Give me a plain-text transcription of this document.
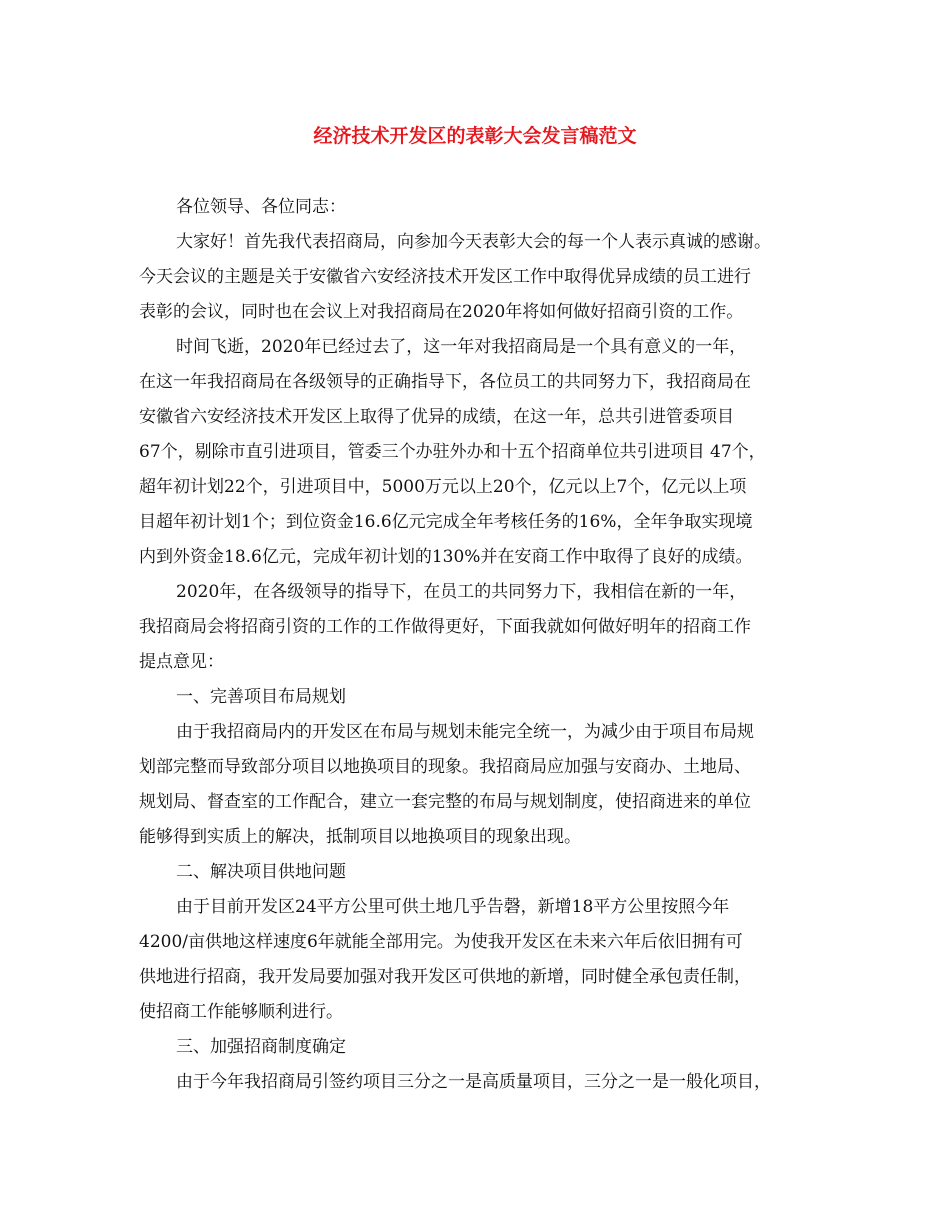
经济技术开发区的表彰大会发言稿范文

各位领导、各位同志：

大家好！首先我代表招商局，向参加今天表彰大会的每一个人表示真诚的感谢。

今天会议的主题是关于安徽省六安经济技术开发区工作中取得优异成绩的员工进行

表彰的会议，同时也在会议上对我招商局在2020年将如何做好招商引资的工作。

时间飞逝，2020年已经过去了，这一年对我招商局是一个具有意义的一年，

在这一年我招商局在各级领导的正确指导下，各位员工的共同努力下，我招商局在

安徽省六安经济技术开发区上取得了优异的成绩，在这一年，总共引进管委项目

67个，剔除市直引进项目，管委三个办驻外办和十五个招商单位共引进项目 47个，

超年初计划22个，引进项目中，5000万元以上20个，亿元以上7个，亿元以上项

目超年初计划1个；到位资金16.6亿元完成全年考核任务的16%，全年争取实现境

内到外资金18.6亿元，完成年初计划的130%并在安商工作中取得了良好的成绩。

2020年，在各级领导的指导下，在员工的共同努力下，我相信在新的一年，

我招商局会将招商引资的工作的工作做得更好，下面我就如何做好明年的招商工作

提点意见：

一、完善项目布局规划

由于我招商局内的开发区在布局与规划未能完全统一，为减少由于项目布局规

划部完整而导致部分项目以地换项目的现象。我招商局应加强与安商办、土地局、

规划局、督查室的工作配合，建立一套完整的布局与规划制度，使招商进来的单位

能够得到实质上的解决，抵制项目以地换项目的现象出现。

二、解决项目供地问题

由于目前开发区24平方公里可供土地几乎告磬，新增18平方公里按照今年

4200/亩供地这样速度6年就能全部用完。为使我开发区在未来六年后依旧拥有可

供地进行招商，我开发局要加强对我开发区可供地的新增，同时健全承包责任制，

使招商工作能够顺利进行。

三、加强招商制度确定

由于今年我招商局引签约项目三分之一是高质量项目，三分之一是一般化项目，
